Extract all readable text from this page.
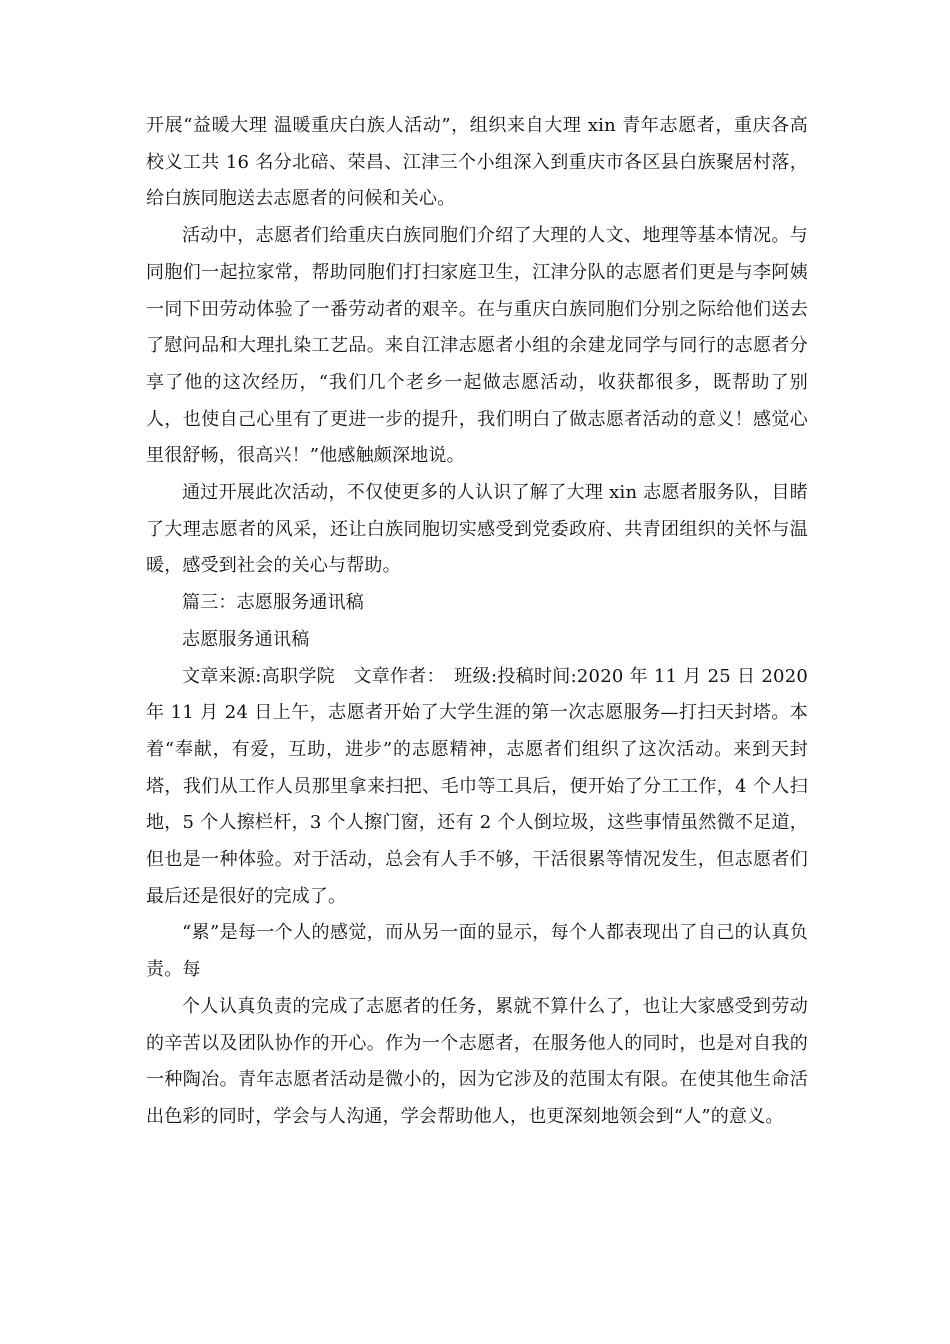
开展“益暖大理 温暖重庆白族人活动”，组织来自大理 xin 青年志愿者，重庆各高校义工共 16 名分北碚、荣昌、江津三个小组深入到重庆市各区县白族聚居村落，给白族同胞送去志愿者的问候和关心。

活动中，志愿者们给重庆白族同胞们介绍了大理的人文、地理等基本情况。与同胞们一起拉家常，帮助同胞们打扫家庭卫生，江津分队的志愿者们更是与李阿姨一同下田劳动体验了一番劳动者的艰辛。在与重庆白族同胞们分别之际给他们送去了慰问品和大理扎染工艺品。来自江津志愿者小组的余建龙同学与同行的志愿者分享了他的这次经历，“我们几个老乡一起做志愿活动，收获都很多，既帮助了别人，也使自己心里有了更进一步的提升，我们明白了做志愿者活动的意义！感觉心里很舒畅，很高兴！”他感触颇深地说。

通过开展此次活动，不仅使更多的人认识了解了大理 xin 志愿者服务队，目睹了大理志愿者的风采，还让白族同胞切实感受到党委政府、共青团组织的关怀与温暖，感受到社会的关心与帮助。

篇三：志愿服务通讯稿

志愿服务通讯稿

文章来源:高职学院　文章作者：　班级:投稿时间:2020 年 11 月 25 日 2020 年 11 月 24 日上午，志愿者开始了大学生涯的第一次志愿服务—打扫天封塔。本着“奉献，有爱，互助，进步”的志愿精神，志愿者们组织了这次活动。来到天封塔，我们从工作人员那里拿来扫把、毛巾等工具后，便开始了分工工作，4 个人扫地，5 个人擦栏杆，3 个人擦门窗，还有 2 个人倒垃圾，这些事情虽然微不足道，但也是一种体验。对于活动，总会有人手不够，干活很累等情况发生，但志愿者们最后还是很好的完成了。

“累”是每一个人的感觉，而从另一面的显示，每个人都表现出了自己的认真负责。每

个人认真负责的完成了志愿者的任务，累就不算什么了，也让大家感受到劳动的辛苦以及团队协作的开心。作为一个志愿者，在服务他人的同时，也是对自我的一种陶冶。青年志愿者活动是微小的，因为它涉及的范围太有限。在使其他生命活出色彩的同时，学会与人沟通，学会帮助他人，也更深刻地领会到“人”的意义。
